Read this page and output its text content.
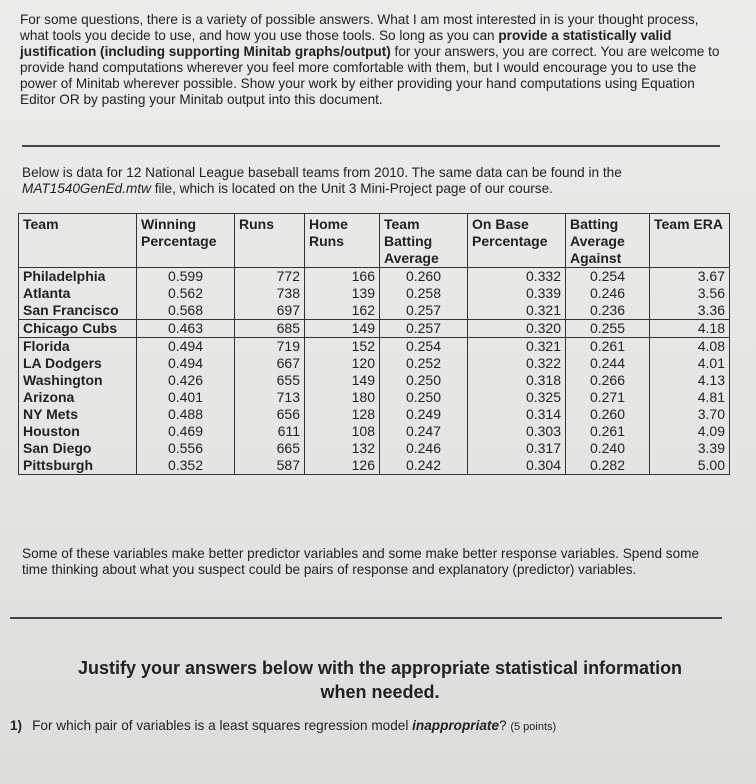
For some questions, there is a variety of possible answers. What I am most interested in is your thought process, what tools you decide to use, and how you use those tools. So long as you can provide a statistically valid justification (including supporting Minitab graphs/output) for your answers, you are correct. You are welcome to provide hand computations wherever you feel more comfortable with them, but I would encourage you to use the power of Minitab wherever possible. Show your work by either providing your hand computations using Equation Editor OR by pasting your Minitab output into this document.

Below is data for 12 National League baseball teams from 2010. The same data can be found in the MAT1540GenEd.mtw file, which is located on the Unit 3 Mini-Project page of our course.

Team	Winning Percentage	Runs	Home Runs	Team Batting Average	On Base Percentage	Batting Average Against	Team ERA
Philadelphia	0.599	772	166	0.260	0.332	0.254	3.67
Atlanta	0.562	738	139	0.258	0.339	0.246	3.56
San Francisco	0.568	697	162	0.257	0.321	0.236	3.36
Chicago Cubs	0.463	685	149	0.257	0.320	0.255	4.18
Florida	0.494	719	152	0.254	0.321	0.261	4.08
LA Dodgers	0.494	667	120	0.252	0.322	0.244	4.01
Washington	0.426	655	149	0.250	0.318	0.266	4.13
Arizona	0.401	713	180	0.250	0.325	0.271	4.81
NY Mets	0.488	656	128	0.249	0.314	0.260	3.70
Houston	0.469	611	108	0.247	0.303	0.261	4.09
San Diego	0.556	665	132	0.246	0.317	0.240	3.39
Pittsburgh	0.352	587	126	0.242	0.304	0.282	5.00

Some of these variables make better predictor variables and some make better response variables. Spend some time thinking about what you suspect could be pairs of response and explanatory (predictor) variables.

Justify your answers below with the appropriate statistical information
when needed.

1) For which pair of variables is a least squares regression model inappropriate? (5 points)
